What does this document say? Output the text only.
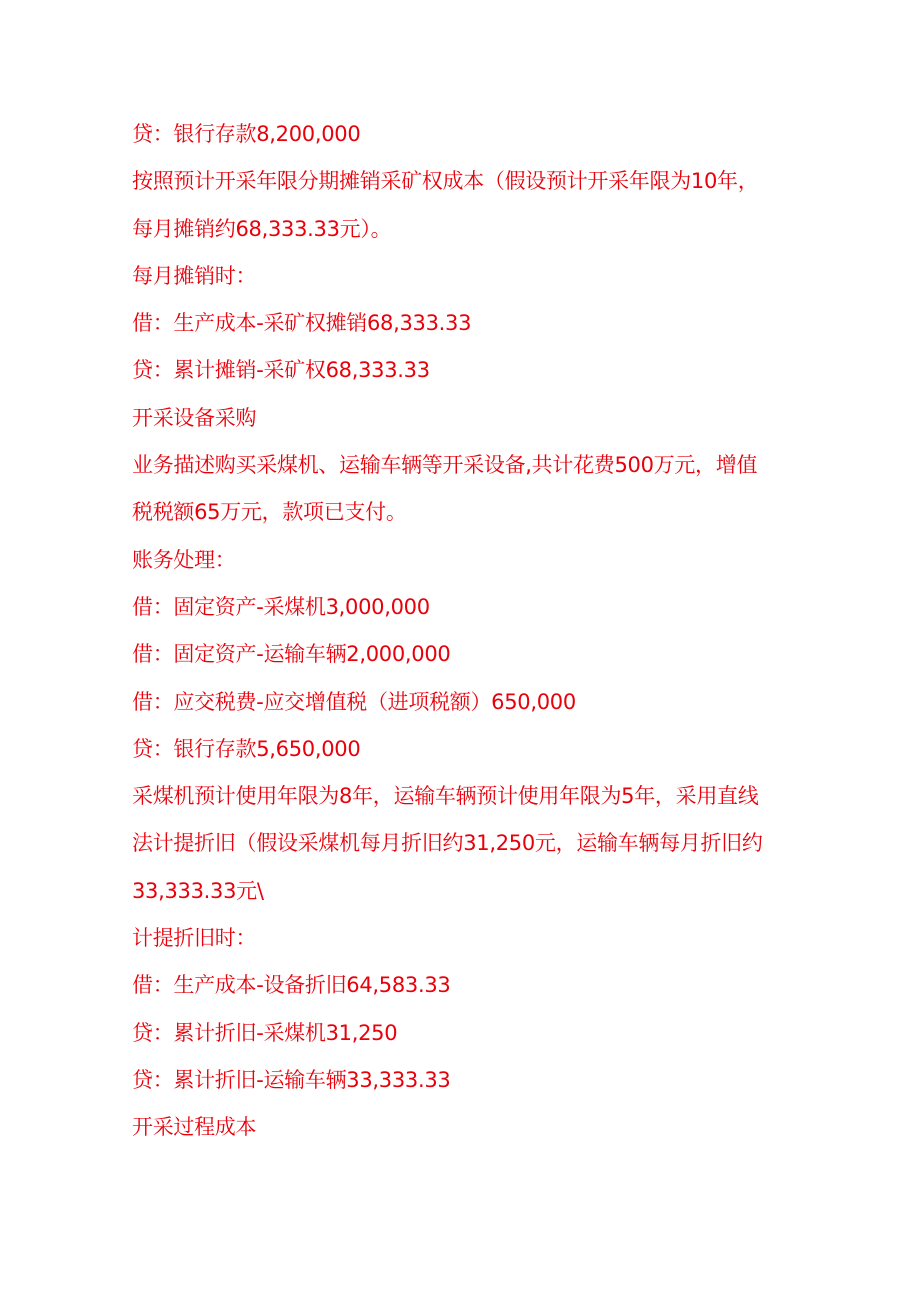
贷：银行存款8,200,000
按照预计开采年限分期摊销采矿权成本（假设预计开采年限为10年，
每月摊销约68,333.33元）。
每月摊销时：
借：生产成本-采矿权摊销68,333.33
贷：累计摊销-采矿权68,333.33
开采设备采购
业务描述购买采煤机、运输车辆等开采设备,共计花费500万元，增值
税税额65万元，款项已支付。
账务处理：
借：固定资产-采煤机3,000,000
借：固定资产-运输车辆2,000,000
借：应交税费-应交增值税（进项税额）650,000
贷：银行存款5,650,000
采煤机预计使用年限为8年，运输车辆预计使用年限为5年，采用直线
法计提折旧（假设采煤机每月折旧约31,250元，运输车辆每月折旧约
33,333.33元\
计提折旧时：
借：生产成本-设备折旧64,583.33
贷：累计折旧-采煤机31,250
贷：累计折旧-运输车辆33,333.33
开采过程成本
